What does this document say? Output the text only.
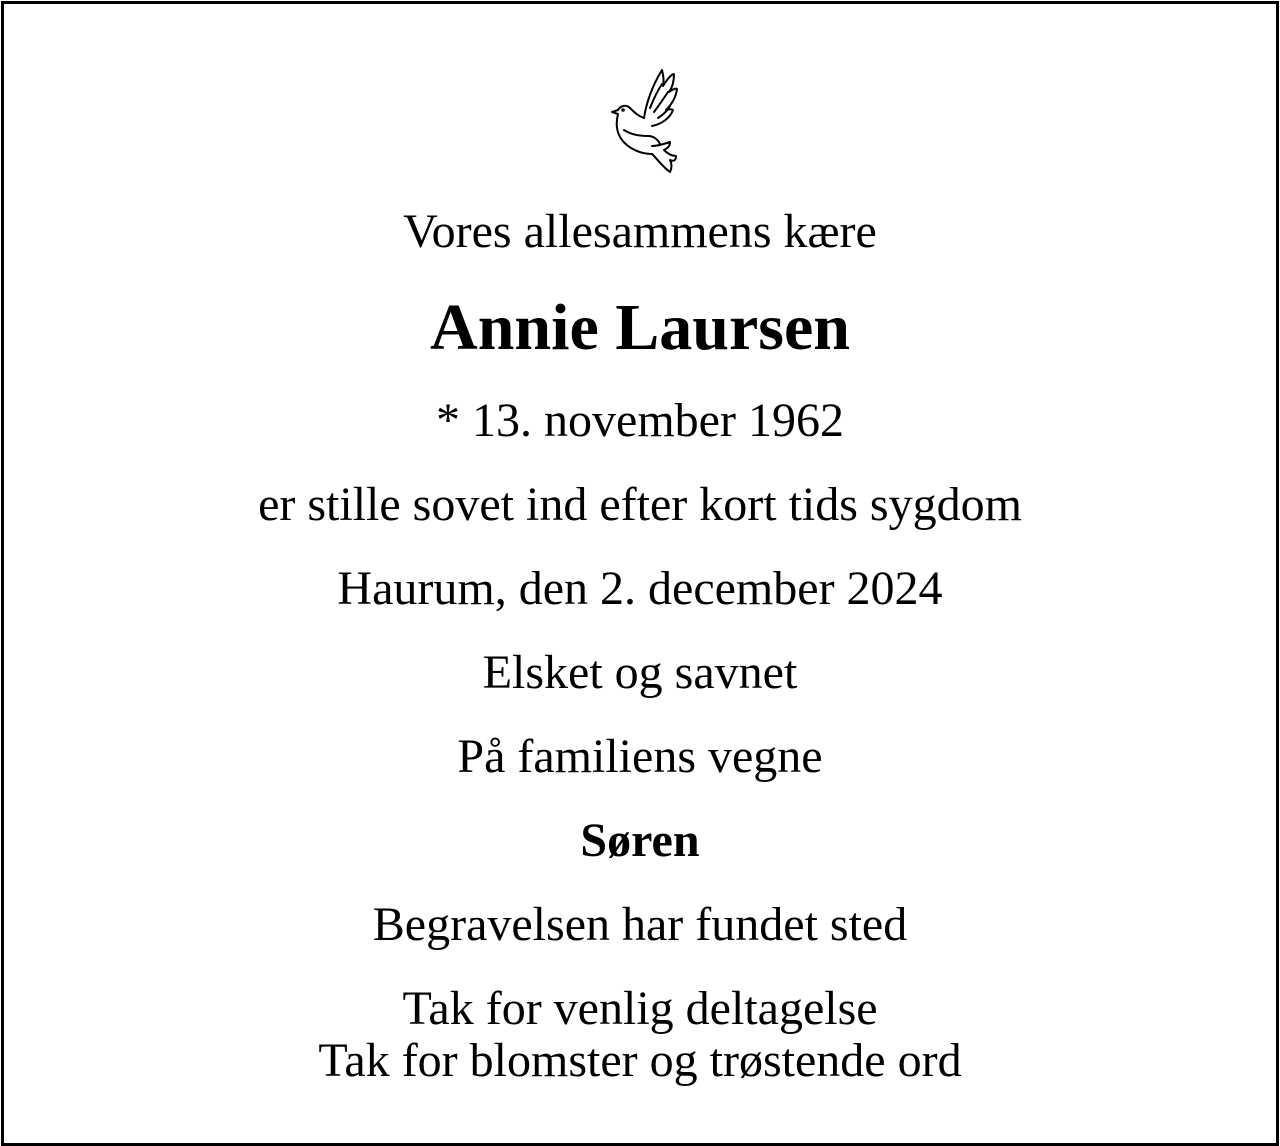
Vores allesammens kære
Annie Laursen
* 13. november 1962
er stille sovet ind efter kort tids sygdom
Haurum, den 2. december 2024
Elsket og savnet
På familiens vegne
Søren
Begravelsen har fundet sted
Tak for venlig deltagelse
Tak for blomster og trøstende ord
